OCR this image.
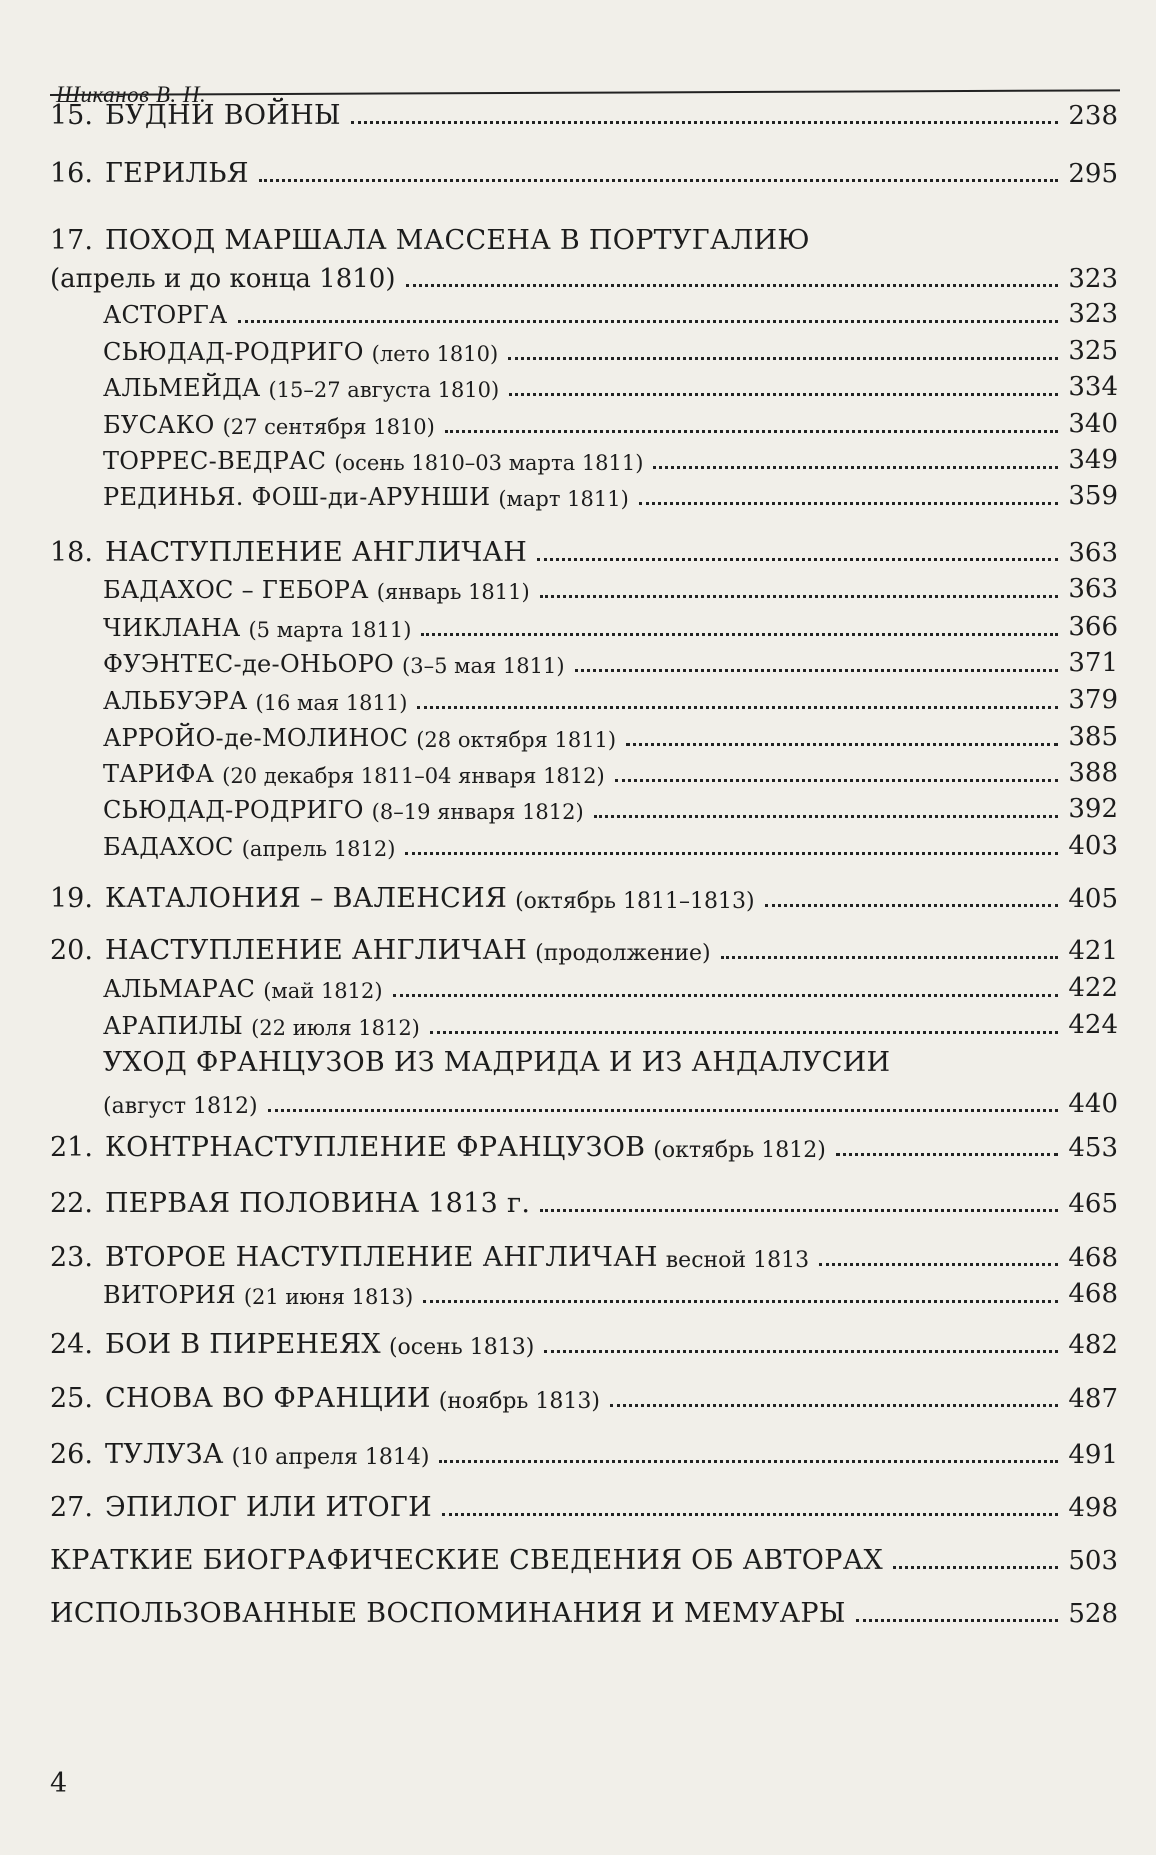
Шиканов В. Н.
15. БУДНИ ВОЙНЫ	238
16. ГЕРИЛЬЯ	295
17. ПОХОД МАРШАЛА МАССЕНА В ПОРТУГАЛИЮ
(апрель и до конца 1810)	323
АСТОРГА	323
СЬЮДАД-РОДРИГО (лето 1810)	325
АЛЬМЕЙДА (15–27 августа 1810)	334
БУСАКО (27 сентября 1810)	340
ТОРРЕС-ВЕДРАС (осень 1810–03 марта 1811)	349
РЕДИНЬЯ. ФОШ-ди-АРУНШИ (март 1811)	359
18. НАСТУПЛЕНИЕ АНГЛИЧАН	363
БАДАХОС – ГЕБОРА (январь 1811)	363
ЧИКЛАНА (5 марта 1811)	366
ФУЭНТЕС-де-ОНЬОРО (3–5 мая 1811)	371
АЛЬБУЭРА (16 мая 1811)	379
АРРОЙО-де-МОЛИНОС (28 октября 1811)	385
ТАРИФА (20 декабря 1811–04 января 1812)	388
СЬЮДАД-РОДРИГО (8–19 января 1812)	392
БАДАХОС (апрель 1812)	403
19. КАТАЛОНИЯ – ВАЛЕНСИЯ (октябрь 1811–1813)	405
20. НАСТУПЛЕНИЕ АНГЛИЧАН (продолжение)	421
АЛЬМАРАС (май 1812)	422
АРАПИЛЫ (22 июля 1812)	424
УХОД ФРАНЦУЗОВ ИЗ МАДРИДА И ИЗ АНДАЛУСИИ
(август 1812)	440
21. КОНТРНАСТУПЛЕНИЕ ФРАНЦУЗОВ (октябрь 1812)	453
22. ПЕРВАЯ ПОЛОВИНА 1813 г.	465
23. ВТОРОЕ НАСТУПЛЕНИЕ АНГЛИЧАН весной 1813	468
ВИТОРИЯ (21 июня 1813)	468
24. БОИ В ПИРЕНЕЯХ (осень 1813)	482
25. СНОВА ВО ФРАНЦИИ (ноябрь 1813)	487
26. ТУЛУЗА (10 апреля 1814)	491
27. ЭПИЛОГ ИЛИ ИТОГИ	498
КРАТКИЕ БИОГРАФИЧЕСКИЕ СВЕДЕНИЯ ОБ АВТОРАХ	503
ИСПОЛЬЗОВАННЫЕ ВОСПОМИНАНИЯ И МЕМУАРЫ	528
4
